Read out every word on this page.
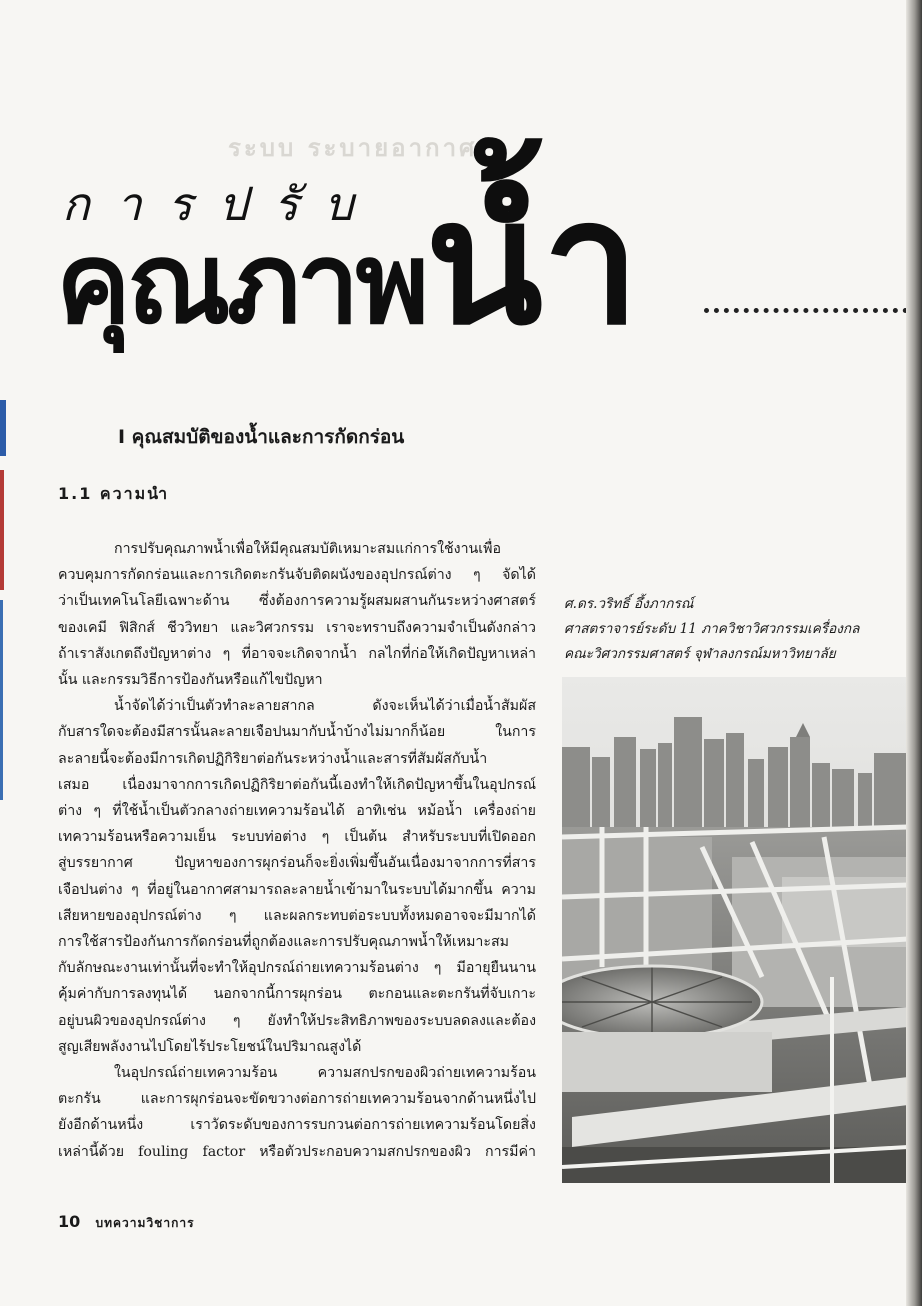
ระบบ ระบายอากาศ
การปรับ
คุณภาพน้ำ
I คุณสมบัติของน้ำและการกัดกร่อน
1.1 ความนำ
การปรับคุณภาพน้ำเพื่อให้มีคุณสมบัติเหมาะสมแก่การใช้งานเพื่อ
ควบคุมการกัดกร่อนและการเกิดตะกรันจับติดผนังของอุปกรณ์ต่าง ๆ จัดได้
ว่าเป็นเทคโนโลยีเฉพาะด้าน ซึ่งต้องการความรู้ผสมผสานกันระหว่างศาสตร์
ของเคมี ฟิสิกส์ ชีววิทยา และวิศวกรรม เราจะทราบถึงความจำเป็นดังกล่าว
ถ้าเราสังเกตถึงปัญหาต่าง ๆ ที่อาจจะเกิดจากน้ำ กลไกที่ก่อให้เกิดปัญหาเหล่า
นั้น และกรรมวิธีการป้องกันหรือแก้ไขปัญหา
น้ำจัดได้ว่าเป็นตัวทำละลายสากล ดังจะเห็นได้ว่าเมื่อน้ำสัมผัส
กับสารใดจะต้องมีสารนั้นละลายเจือปนมากับน้ำบ้างไม่มากก็น้อย ในการ
ละลายนี้จะต้องมีการเกิดปฏิกิริยาต่อกันระหว่างน้ำและสารที่สัมผัสกับน้ำ
เสมอ เนื่องมาจากการเกิดปฏิกิริยาต่อกันนี้เองทำให้เกิดปัญหาขึ้นในอุปกรณ์
ต่าง ๆ ที่ใช้น้ำเป็นตัวกลางถ่ายเทความร้อนได้ อาทิเช่น หม้อน้ำ เครื่องถ่าย
เทความร้อนหรือความเย็น ระบบท่อต่าง ๆ เป็นต้น สำหรับระบบที่เปิดออก
สู่บรรยากาศ ปัญหาของการผุกร่อนก็จะยิ่งเพิ่มขึ้นอันเนื่องมาจากการที่สาร
เจือปนต่าง ๆ ที่อยู่ในอากาศสามารถละลายน้ำเข้ามาในระบบได้มากขึ้น ความ
เสียหายของอุปกรณ์ต่าง ๆ และผลกระทบต่อระบบทั้งหมดอาจจะมีมากได้
การใช้สารป้องกันการกัดกร่อนที่ถูกต้องและการปรับคุณภาพน้ำให้เหมาะสม
กับลักษณะงานเท่านั้นที่จะทำให้อุปกรณ์ถ่ายเทความร้อนต่าง ๆ มีอายุยืนนาน
คุ้มค่ากับการลงทุนได้ นอกจากนี้การผุกร่อน ตะกอนและตะกรันที่จับเกาะ
อยู่บนผิวของอุปกรณ์ต่าง ๆ ยังทำให้ประสิทธิภาพของระบบลดลงและต้อง
สูญเสียพลังงานไปโดยไร้ประโยชน์ในปริมาณสูงได้
ในอุปกรณ์ถ่ายเทความร้อน ความสกปรกของผิวถ่ายเทความร้อน
ตะกรัน และการผุกร่อนจะขัดขวางต่อการถ่ายเทความร้อนจากด้านหนึ่งไป
ยังอีกด้านหนึ่ง เราวัดระดับของการรบกวนต่อการถ่ายเทความร้อนโดยสิ่ง
เหล่านี้ด้วย fouling factor หรือตัวประกอบความสกปรกของผิว การมีค่า
ศ.ดร.วริทธิ์ อึ้งภากรณ์
ศาสตราจารย์ระดับ 11 ภาควิชาวิศวกรรมเครื่องกล
คณะวิศวกรรมศาสตร์ จุฬาลงกรณ์มหาวิทยาลัย
10 บทความวิชาการ
